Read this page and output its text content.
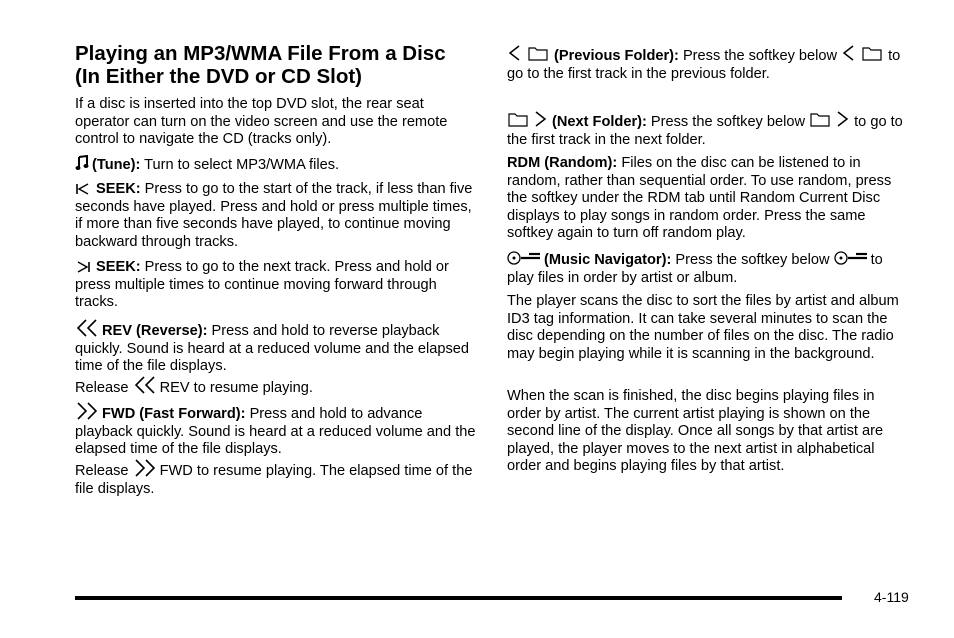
Playing an MP3/WMA File From a Disc
(In Either the DVD or CD Slot)

If a disc is inserted into the top DVD slot, the rear seat operator can turn on the video screen and use the remote control to navigate the CD (tracks only).

(Tune): Turn to select MP3/WMA files.

SEEK: Press to go to the start of the track, if less than five seconds have played. Press and hold or press multiple times, if more than five seconds have played, to continue moving backward through tracks.

SEEK: Press to go to the next track. Press and hold or press multiple times to continue moving forward through tracks.

REV (Reverse): Press and hold to reverse playback quickly. Sound is heard at a reduced volume and the elapsed time of the file displays.

Release REV to resume playing.

FWD (Fast Forward): Press and hold to advance playback quickly. Sound is heard at a reduced volume and the elapsed time of the file displays.

Release FWD to resume playing. The elapsed time of the file displays.

(Previous Folder): Press the softkey below	to go to the first track in the previous folder.

(Next Folder): Press the softkey below	to go to the first track in the next folder.

RDM (Random): Files on the disc can be listened to in random, rather than sequential order. To use random, press the softkey under the RDM tab until Random Current Disc displays to play songs in random order. Press the same softkey again to turn off random play.

(Music Navigator): Press the softkey below	to play files in order by artist or album.

The player scans the disc to sort the files by artist and album ID3 tag information. It can take several minutes to scan the disc depending on the number of files on the disc. The radio may begin playing while it is scanning in the background.

When the scan is finished, the disc begins playing files in order by artist. The current artist playing is shown on the second line of the display. Once all songs by that artist are played, the player moves to the next artist in alphabetical order and begins playing files by that artist.

4-119
